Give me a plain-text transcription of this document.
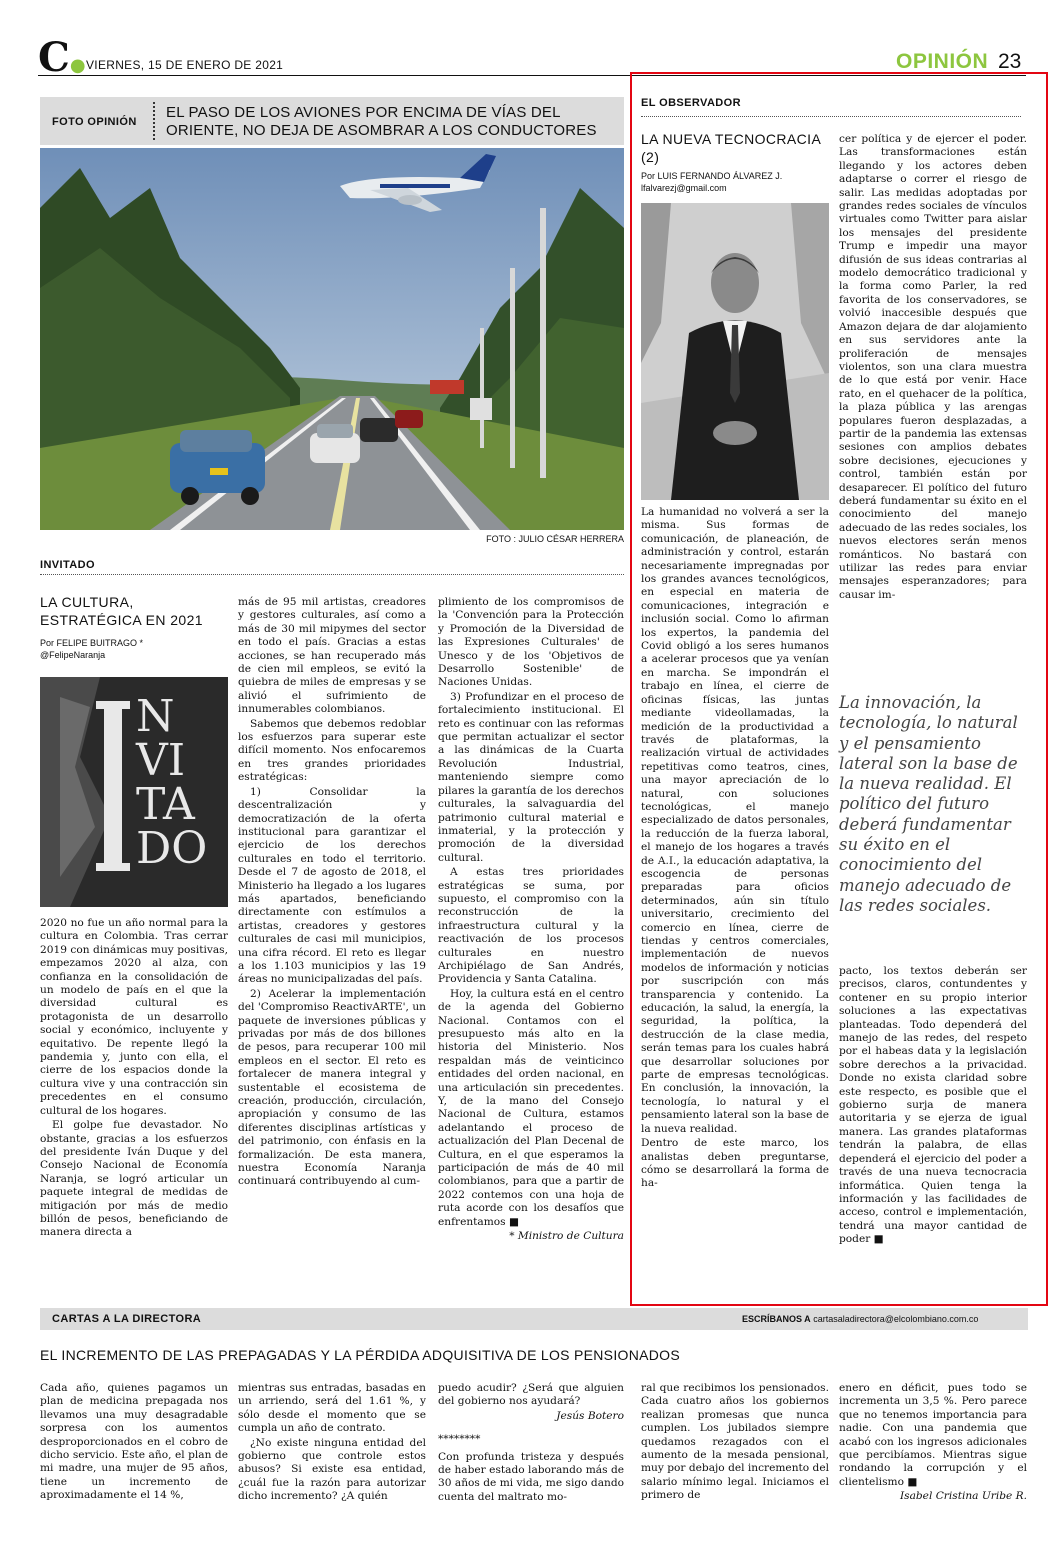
C● VIERNES, 15 DE ENERO DE 2021	OPINIÓN 23
FOTO OPINIÓN
EL PASO DE LOS AVIONES POR ENCIMA DE VÍAS DEL ORIENTE, NO DEJA DE ASOMBRAR A LOS CONDUCTORES
FOTO : JULIO CÉSAR HERRERA
INVITADO
LA CULTURA, ESTRATÉGICA EN 2021
Por FELIPE BUITRAGO *
@FelipeNaranja
N
VI
TA
DO

2020 no fue un año normal para la cultura en Colombia. Tras cerrar 2019 con dinámicas muy positivas, empezamos 2020 al alza, con confianza en la consolidación de un modelo de país en el que la diversidad cultural es protagonista de un desarrollo social y económico, incluyente y equitativo. De repente llegó la pandemia y, junto con ella, el cierre de los espacios donde la cultura vive y una contracción sin precedentes en el consumo cultural de los hogares.

El golpe fue devastador. No obstante, gracias a los esfuerzos del presidente Iván Duque y del Consejo Nacional de Economía Naranja, se logró articular un paquete integral de medidas de mitigación por más de medio billón de pesos, beneficiando de manera directa a

más de 95 mil artistas, creadores y gestores culturales, así como a más de 30 mil mipymes del sector en todo el país. Gracias a estas acciones, se han recuperado más de cien mil empleos, se evitó la quiebra de miles de empresas y se alivió el sufrimiento de innumerables colombianos.

Sabemos que debemos redoblar los esfuerzos para superar este difícil momento. Nos enfocaremos en tres grandes prioridades estratégicas:

1) Consolidar la descentralización y democratización de la oferta institucional para garantizar el ejercicio de los derechos culturales en todo el territorio. Desde el 7 de agosto de 2018, el Ministerio ha llegado a los lugares más apartados, beneficiando directamente con estímulos a artistas, creadores y gestores culturales de casi mil municipios, una cifra récord. El reto es llegar a los 1.103 municipios y las 19 áreas no municipalizadas del país.

2) Acelerar la implementación del 'Compromiso ReactivARTE', un paquete de inversiones públicas y privadas por más de dos billones de pesos, para recuperar 100 mil empleos en el sector. El reto es fortalecer de manera integral y sustentable el ecosistema de creación, producción, circulación, apropiación y consumo de las diferentes disciplinas artísticas y del patrimonio, con énfasis en la formalización. De esta manera, nuestra Economía Naranja continuará contribuyendo al cum-

plimiento de los compromisos de la 'Convención para la Protección y Promoción de la Diversidad de las Expresiones Culturales' de Unesco y de los 'Objetivos de Desarrollo Sostenible' de Naciones Unidas.

3) Profundizar en el proceso de fortalecimiento institucional. El reto es continuar con las reformas que permitan actualizar el sector a las dinámicas de la Cuarta Revolución Industrial, manteniendo siempre como pilares la garantía de los derechos culturales, la salvaguardia del patrimonio cultural material e inmaterial, y la protección y promoción de la diversidad cultural.

A estas tres prioridades estratégicas se suma, por supuesto, el compromiso con la reconstrucción de la infraestructura cultural y la reactivación de los procesos culturales en nuestro Archipiélago de San Andrés, Providencia y Santa Catalina.

Hoy, la cultura está en el centro de la agenda del Gobierno Nacional. Contamos con el presupuesto más alto en la historia del Ministerio. Nos respaldan más de veinticinco entidades del orden nacional, en una articulación sin precedentes. Y, de la mano del Consejo Nacional de Cultura, estamos adelantando el proceso de actualización del Plan Decenal de Cultura, en el que esperamos la participación de más de 40 mil colombianos, para que a partir de 2022 contemos con una hoja de ruta acorde con los desafíos que enfrentamos ■

* Ministro de Cultura

EL OBSERVADOR
LA NUEVA TECNOCRACIA (2)
Por LUIS FERNANDO ÁLVAREZ J.
lfalvarezj@gmail.com

La humanidad no volverá a ser la misma. Sus formas de comunicación, de planeación, de administración y control, estarán necesariamente impregnadas por los grandes avances tecnológicos, en especial en materia de comunicaciones, integración e inclusión social. Como lo afirman los expertos, la pandemia del Covid obligó a los seres humanos a acelerar procesos que ya venían en marcha. Se impondrán el trabajo en línea, el cierre de oficinas físicas, las juntas mediante videollamadas, la medición de la productividad a través de plataformas, la realización virtual de actividades repetitivas como teatros, cines, una mayor apreciación de lo natural, con soluciones tecnológicas, el manejo especializado de datos personales, la reducción de la fuerza laboral, el manejo de los hogares a través de A.I., la educación adaptativa, la escogencia de personas preparadas para oficios determinados, aún sin título universitario, crecimiento del comercio en línea, cierre de tiendas y centros comerciales, implementación de nuevos modelos de información y noticias por suscripción con más transparencia y contenido. La educación, la salud, la energía, la seguridad, la política, la destrucción de la clase media, serán temas para los cuales habrá que desarrollar soluciones por parte de empresas tecnológicas. En conclusión, la innovación, la tecnología, lo natural y el pensamiento lateral son la base de la nueva realidad.

Dentro de este marco, los analistas deben preguntarse, cómo se desarrollará la forma de ha-

cer política y de ejercer el poder. Las transformaciones están llegando y los actores deben adaptarse o correr el riesgo de salir. Las medidas adoptadas por grandes redes sociales de vínculos virtuales como Twitter para aislar los mensajes del presidente Trump e impedir una mayor difusión de sus ideas contrarias al modelo democrático tradicional y la forma como Parler, la red favorita de los conservadores, se volvió inaccesible después que Amazon dejara de dar alojamiento en sus servidores ante la proliferación de mensajes violentos, son una clara muestra de lo que está por venir. Hace rato, en el quehacer de la política, la plaza pública y las arengas populares fueron desplazadas, a partir de la pandemia las extensas sesiones con amplios debates sobre decisiones, ejecuciones y control, también están por desaparecer. El político del futuro deberá fundamentar su éxito en el conocimiento del manejo adecuado de las redes sociales, los nuevos electores serán menos románticos. No bastará con utilizar las redes para enviar mensajes esperanzadores; para causar im-

La innovación, la tecnología, lo natural y el pensamiento lateral son la base de la nueva realidad. El político del futuro deberá fundamentar su éxito en el conocimiento del manejo adecuado de las redes sociales.

pacto, los textos deberán ser precisos, claros, contundentes y contener en su propio interior soluciones a las expectativas planteadas. Todo dependerá del manejo de las redes, del respeto por el habeas data y la legislación sobre derechos a la privacidad. Donde no exista claridad sobre este respecto, es posible que el gobierno surja de manera autoritaria y se ejerza de igual manera. Las grandes plataformas tendrán la palabra, de ellas dependerá el ejercicio del poder a través de una nueva tecnocracia informática. Quien tenga la información y las facilidades de acceso, control e implementación, tendrá una mayor cantidad de poder ■

CARTAS A LA DIRECTORA	ESCRÍBANOS A cartasaladirectora@elcolombiano.com.co
EL INCREMENTO DE LAS PREPAGADAS Y LA PÉRDIDA ADQUISITIVA DE LOS PENSIONADOS

Cada año, quienes pagamos un plan de medicina prepagada nos llevamos una muy desagradable sorpresa con los aumentos desproporcionados en el cobro de dicho servicio. Este año, el plan de mi madre, una mujer de 95 años, tiene un incremento de aproximadamente el 14 %,

mientras sus entradas, basadas en un arriendo, será del 1.61 %, y sólo desde el momento que se cumpla un año de contrato.

¿No existe ninguna entidad del gobierno que controle estos abusos? Si existe esa entidad, ¿cuál fue la razón para autorizar dicho incremento? ¿A quién

puedo acudir? ¿Será que alguien del gobierno nos ayudará?

Jesús Botero

********

Con profunda tristeza y después de haber estado laborando más de 30 años de mi vida, me sigo dando cuenta del maltrato mo-

ral que recibimos los pensionados. Cada cuatro años los gobiernos realizan promesas que nunca cumplen. Los jubilados siempre quedamos rezagados con el aumento de la mesada pensional, muy por debajo del incremento del salario mínimo legal. Iniciamos el primero de

enero en déficit, pues todo se incrementa un 3,5 %. Pero parece que no tenemos importancia para nadie. Con una pandemia que acabó con los ingresos adicionales que percibíamos. Mientras sigue rondando la corrupción y el clientelismo ■

Isabel Cristina Uribe R.
